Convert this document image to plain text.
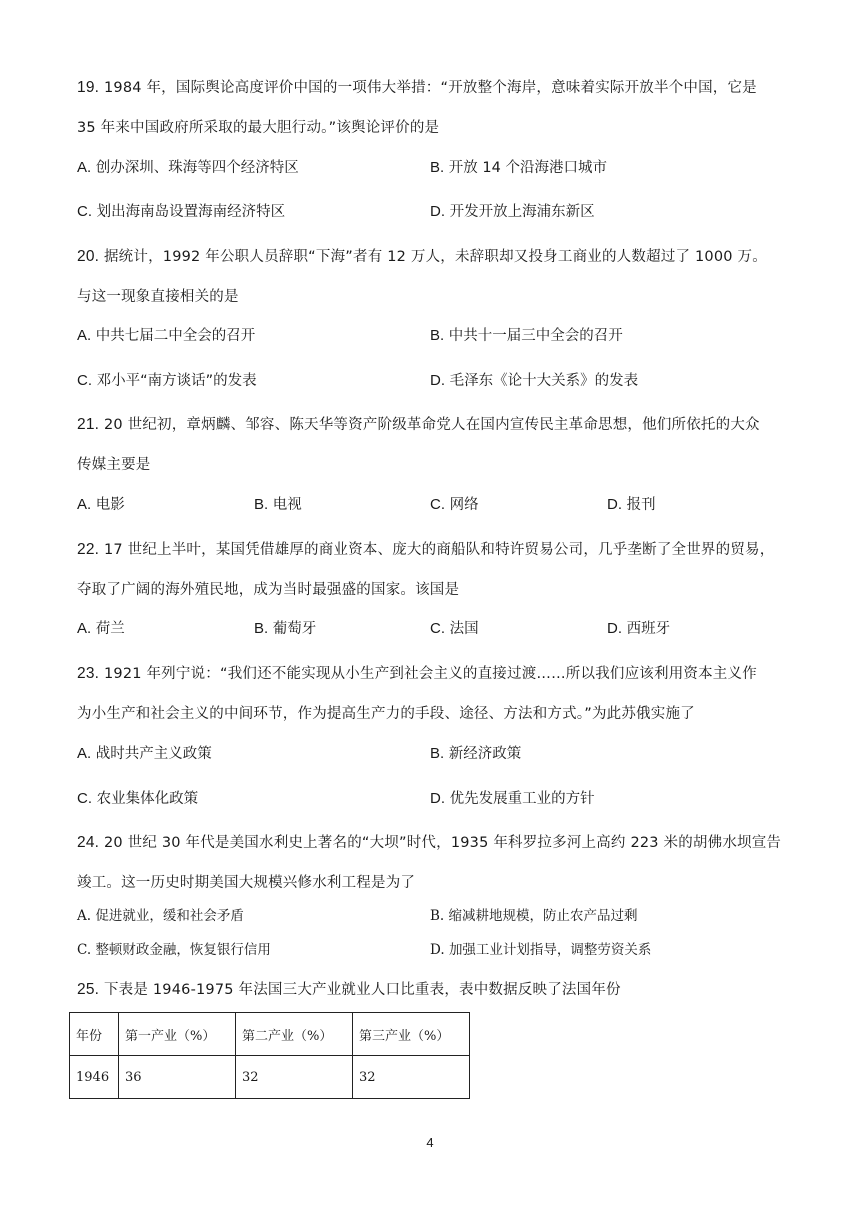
19. 1984 年，国际舆论高度评价中国的一项伟大举措：“开放整个海岸，意味着实际开放半个中国，它是
35 年来中国政府所采取的最大胆行动。”该舆论评价的是
A. 创办深圳、珠海等四个经济特区	B. 开放 14 个沿海港口城市
C. 划出海南岛设置海南经济特区	D. 开发开放上海浦东新区
20. 据统计，1992 年公职人员辞职“下海”者有 12 万人，未辞职却又投身工商业的人数超过了 1000 万。
与这一现象直接相关的是
A. 中共七届二中全会的召开	B. 中共十一届三中全会的召开
C. 邓小平“南方谈话”的发表	D. 毛泽东《论十大关系》的发表
21. 20 世纪初，章炳麟、邹容、陈天华等资产阶级革命党人在国内宣传民主革命思想，他们所依托的大众
传媒主要是
A. 电影	B. 电视	C. 网络	D. 报刊
22. 17 世纪上半叶，某国凭借雄厚的商业资本、庞大的商船队和特许贸易公司，几乎垄断了全世界的贸易，
夺取了广阔的海外殖民地，成为当时最强盛的国家。该国是
A. 荷兰	B. 葡萄牙	C. 法国	D. 西班牙
23. 1921 年列宁说：“我们还不能实现从小生产到社会主义的直接过渡……所以我们应该利用资本主义作
为小生产和社会主义的中间环节，作为提高生产力的手段、途径、方法和方式。”为此苏俄实施了
A. 战时共产主义政策	B. 新经济政策
C. 农业集体化政策	D. 优先发展重工业的方针
24. 20 世纪 30 年代是美国水利史上著名的“大坝”时代，1935 年科罗拉多河上高约 223 米的胡佛水坝宣告
竣工。这一历史时期美国大规模兴修水利工程是为了
A. 促进就业，缓和社会矛盾	B. 缩减耕地规模，防止农产品过剩
C. 整顿财政金融，恢复银行信用	D. 加强工业计划指导，调整劳资关系
25. 下表是 1946-1975 年法国三大产业就业人口比重表，表中数据反映了法国年份
年份	第一产业（%）	第二产业（%）	第三产业（%）
1946	36	32	32
4
